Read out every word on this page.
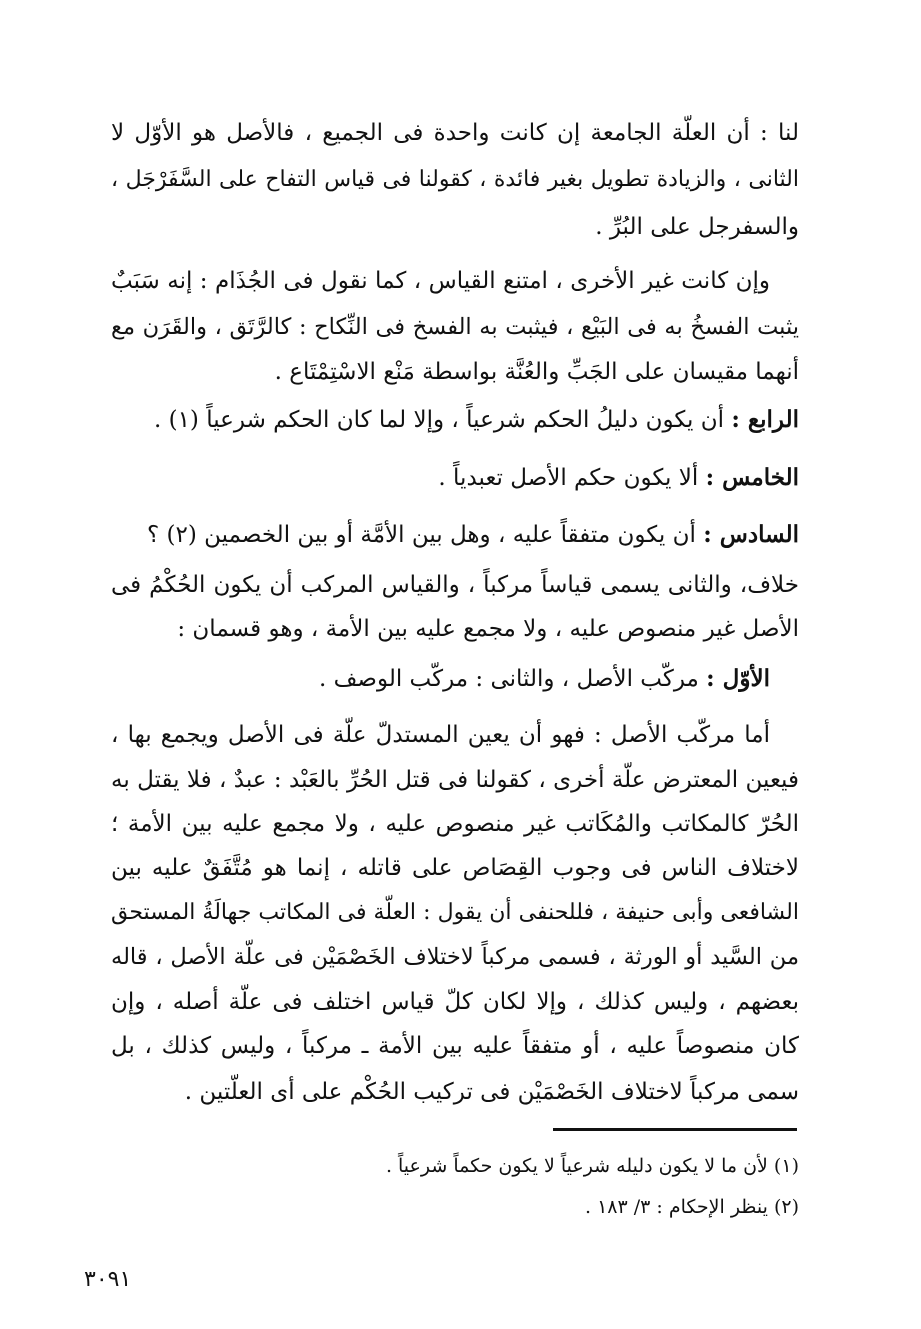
لنا : أن العلّة الجامعة إن كانت واحدة فى الجميع ، فالأصل هو الأوّل لا
الثانى ، والزيادة تطويل بغير فائدة ، كقولنا فى قياس التفاح على السَّفَرْجَل ،
والسفرجل على البُرِّ .
وإن كانت غير الأخرى ، امتنع القياس ، كما نقول فى الجُذَام : إنه سَبَبٌ
يثبت الفسخُ به فى البَيْع ، فيثبت به الفسخ فى النِّكاح : كالرَّتَق ، والقَرَن مع
أنهما مقيسان على الجَبِّ والعُنَّة بواسطة مَنْع الاسْتِمْتَاع .
الرابع : أن يكون دليلُ الحكم شرعياً ، وإلا لما كان الحكم شرعياً (١) .
الخامس : ألا يكون حكم الأصل تعبدياً .
السادس : أن يكون متفقاً عليه ، وهل بين الأمَّة أو بين الخصمين (٢) ؟
خلاف، والثانى يسمى قياساً مركباً ، والقياس المركب أن يكون الحُكْمُ فى
الأصل غير منصوص عليه ، ولا مجمع عليه بين الأمة ، وهو قسمان :
الأوّل : مركّب الأصل ، والثانى : مركّب الوصف .
أما مركّب الأصل : فهو أن يعين المستدلّ علّة فى الأصل ويجمع بها ،
فيعين المعترض علّة أخرى ، كقولنا فى قتل الحُرِّ بالعَبْد : عبدٌ ، فلا يقتل به
الحُرّ كالمكاتب والمُكَاتب غير منصوص عليه ، ولا مجمع عليه بين الأمة ؛
لاختلاف الناس فى وجوب القِصَاص على قاتله ، إنما هو مُتَّفَقٌ عليه بين
الشافعى وأبى حنيفة ، فللحنفى أن يقول : العلّة فى المكاتب جهالَةُ المستحق
من السَّيد أو الورثة ، فسمى مركباً لاختلاف الخَصْمَيْن فى علّة الأصل ، قاله
بعضهم ، وليس كذلك ، وإلا لكان كلّ قياس اختلف فى علّة أصله ، وإن
كان منصوصاً عليه ، أو متفقاً عليه بين الأمة ـ مركباً ، وليس كذلك ، بل
سمى مركباً لاختلاف الخَصْمَيْن فى تركيب الحُكْم على أى العلّتين .
(١) لأن ما لا يكون دليله شرعياً لا يكون حكماً شرعياً .
(٢) ينظر الإحكام : ٣/ ١٨٣ .
٣٠٩١
